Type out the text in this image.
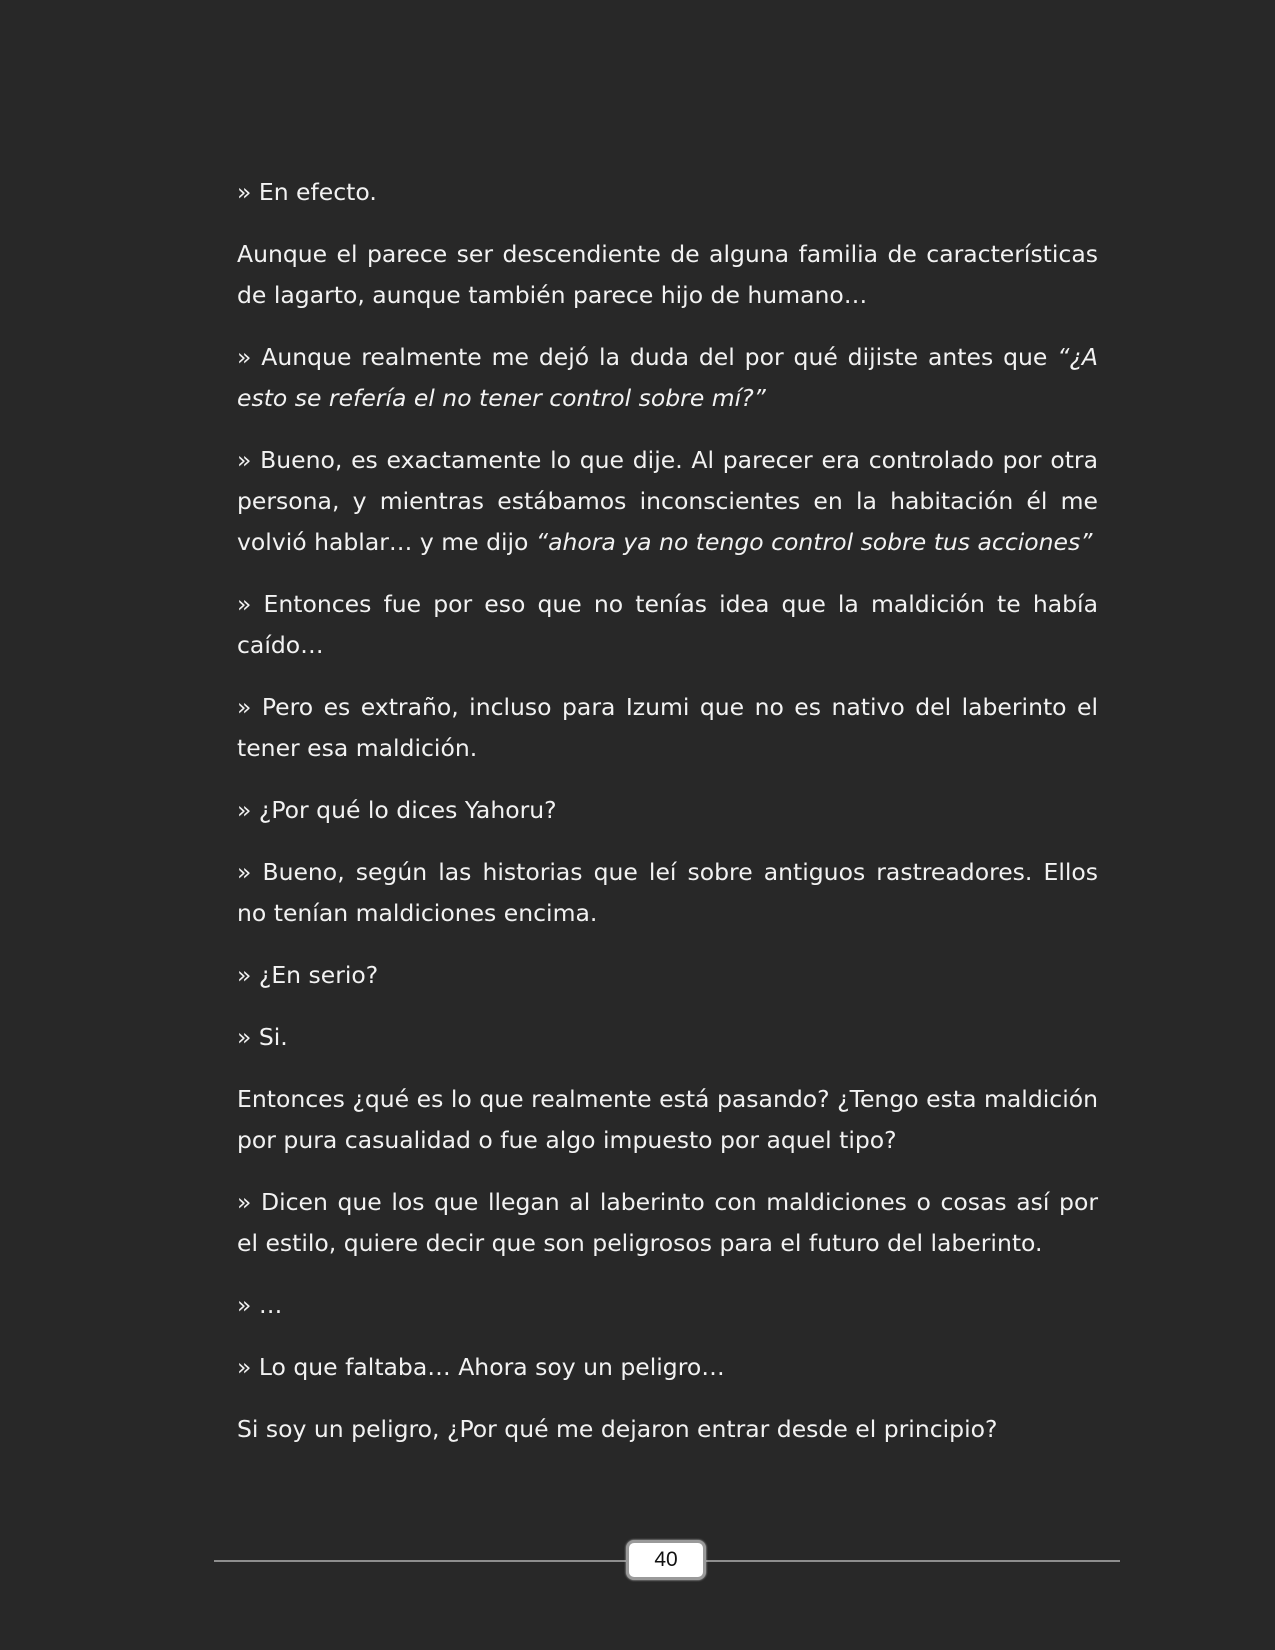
» En efecto.

Aunque el parece ser descendiente de alguna familia de características de lagarto, aunque también parece hijo de humano…

» Aunque realmente me dejó la duda del por qué dijiste antes que “¿A esto se refería el no tener control sobre mí?”

» Bueno, es exactamente lo que dije. Al parecer era controlado por otra persona, y mientras estábamos inconscientes en la habitación él me volvió hablar… y me dijo “ahora ya no tengo control sobre tus acciones”

» Entonces fue por eso que no tenías idea que la maldición te había caído…

» Pero es extraño, incluso para Izumi que no es nativo del laberinto el tener esa maldición.

» ¿Por qué lo dices Yahoru?

» Bueno, según las historias que leí sobre antiguos rastreadores. Ellos no tenían maldiciones encima.

» ¿En serio?

» Si.

Entonces ¿qué es lo que realmente está pasando? ¿Tengo esta maldición por pura casualidad o fue algo impuesto por aquel tipo?

» Dicen que los que llegan al laberinto con maldiciones o cosas así por el estilo, quiere decir que son peligrosos para el futuro del laberinto.

» …

» Lo que faltaba… Ahora soy un peligro…

Si soy un peligro, ¿Por qué me dejaron entrar desde el principio?

40
